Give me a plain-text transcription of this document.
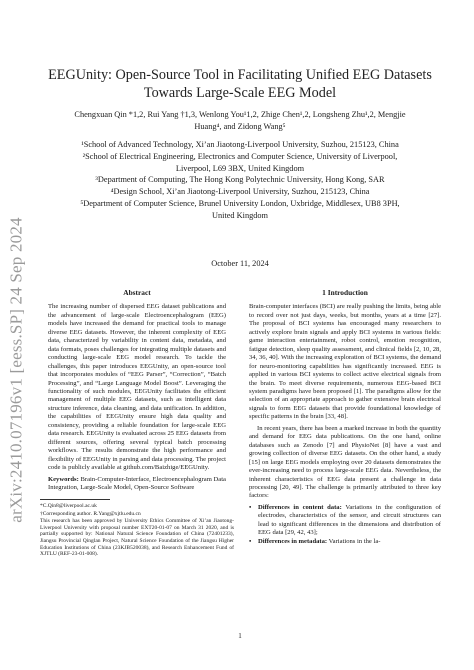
arXiv:2410.07196v1 [eess.SP] 24 Sep 2024
EEGUnity: Open-Source Tool in Facilitating Unified EEG Datasets
Towards Large-Scale EEG Model
Chengxuan Qin *1,2, Rui Yang †1,3, Wenlong You¹1,2, Zhige Chen¹,2, Longsheng Zhu¹,2, Mengjie
Huang⁴, and Zidong Wang⁵
¹School of Advanced Technology, Xi’an Jiaotong-Liverpool University, Suzhou, 215123, China
²School of Electrical Engineering, Electronics and Computer Science, University of Liverpool,
Liverpool, L69 3BX, United Kingdom
³Department of Computing, The Hong Kong Polytechnic University, Hong Kong, SAR
⁴Design School, Xi’an Jiaotong-Liverpool University, Suzhou, 215123, China
⁵Department of Computer Science, Brunel University London, Uxbridge, Middlesex, UB8 3PH,
United Kingdom
October 11, 2024
Abstract
The increasing number of dispersed EEG dataset publications and the advancement of large-scale Electroencephalogram (EEG) models have increased the demand for practical tools to manage diverse EEG datasets. However, the inherent complexity of EEG data, characterized by variability in content data, metadata, and data formats, poses challenges for integrating multiple datasets and conducting large-scale EEG model research. To tackle the challenges, this paper introduces EEGUnity, an open-source tool that incorporates modules of “EEG Parser”, “Correction”, “Batch Processing”, and “Large Language Model Boost”. Leveraging the functionality of such modules, EEGUnity facilitates the efficient management of multiple EEG datasets, such as intelligent data structure inference, data cleaning, and data unification. In addition, the capabilities of EEGUnity ensure high data quality and consistency, providing a reliable foundation for large-scale EEG data research. EEGUnity is evaluated across 25 EEG datasets from different sources, offering several typical batch processing workflows. The results demonstrate the high performance and flexibility of EEGUnity in parsing and data processing. The project code is publicly available at github.com/Baizhige/EEGUnity.
Keywords: Brain-Computer-Interface, Electroencephalogram Data Integration, Large-Scale Model, Open-Source Software
*C.Qin8@liverpool.ac.uk
†Corresponding author. R.Yang@xjtlu.edu.cn
This research has been approved by University Ethics Committee of Xi’an Jiaotong-Liverpool University with proposal number EXT20-01-07 on March 31 2020, and is partially supported by: National Natural Science Foundation of China (72401233), Jiangsu Provincial Qinglan Project, Natural Science Foundation of the Jiangsu Higher Education Institutions of China (23KJB520038), and Research Enhancement Fund of XJTLU (REF-23-01-008).
1 Introduction

Brain-computer interfaces (BCI) are really pushing the limits, being able to record over not just days, weeks, but months, years at a time [27]. The proposal of BCI systems has encouraged many researchers to actively explore brain signals and apply BCI systems in various fields: game interaction entertainment, robot control, emotion recognition, fatigue detection, sleep quality assessment, and clinical fields [2, 10, 28, 34, 36, 40]. With the increasing exploration of BCI systems, the demand for neuro-monitoring capabilities has significantly increased. EEG is applied in various BCI systems to collect active electrical signals from the brain. To meet diverse requirements, numerous EEG-based BCI system paradigms have been proposed [1]. The paradigms allow for the selection of an appropriate approach to gather extensive brain electrical signals to form EEG datasets that provide foundational knowledge of specific patterns in the brain [33, 48].

In recent years, there has been a marked increase in both the quantity and demand for EEG data publications. On the one hand, online databases such as Zenodo [7] and PhysioNet [8] have a vast and growing collection of diverse EEG datasets. On the other hand, a study [15] on large EEG models employing over 20 datasets demonstrates the ever-increasing need to process large-scale EEG data. Nevertheless, the inherent characteristics of EEG data present a challenge in data processing [20, 49]. The challenge is primarily attributed to three key factors:

•	Differences in content data: Variations in the configuration of electrodes, characteristics of the sensor, and circuit structures can lead to significant differences in the dimensions and distribution of EEG data [29, 42, 43];
•	Differences in metadata: Variations in the la-
1
